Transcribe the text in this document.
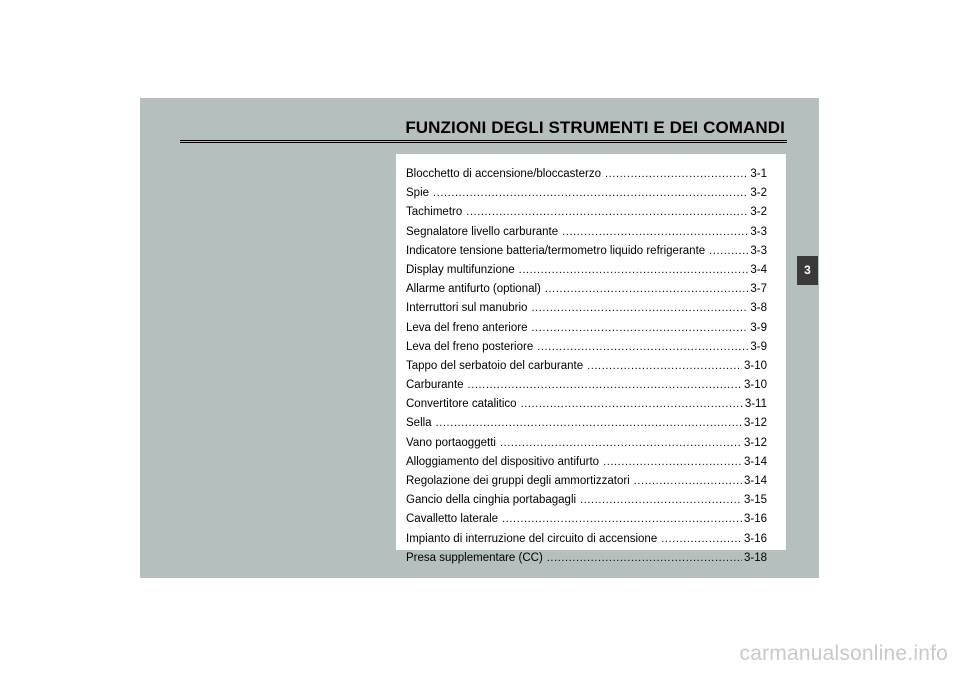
FUNZIONI DEGLI STRUMENTI E DEI COMANDI
Blocchetto di accensione/bloccasterzo .....	3-1
Spie .....	3-2
Tachimetro .....	3-2
Segnalatore livello carburante .....	3-3
Indicatore tensione batteria/termometro liquido refrigerante .....	3-3
Display multifunzione .....	3-4
Allarme antifurto (optional) .....	3-7
Interruttori sul manubrio .....	3-8
Leva del freno anteriore .....	3-9
Leva del freno posteriore .....	3-9
Tappo del serbatoio del carburante .....	3-10
Carburante .....	3-10
Convertitore catalitico .....	3-11
Sella .....	3-12
Vano portaoggetti .....	3-12
Alloggiamento del dispositivo antifurto .....	3-14
Regolazione dei gruppi degli ammortizzatori .....	3-14
Gancio della cinghia portabagagli .....	3-15
Cavalletto laterale .....	3-16
Impianto di interruzione del circuito di accensione .....	3-16
Presa supplementare (CC) .....	3-18
3
carmanualsonline.info
